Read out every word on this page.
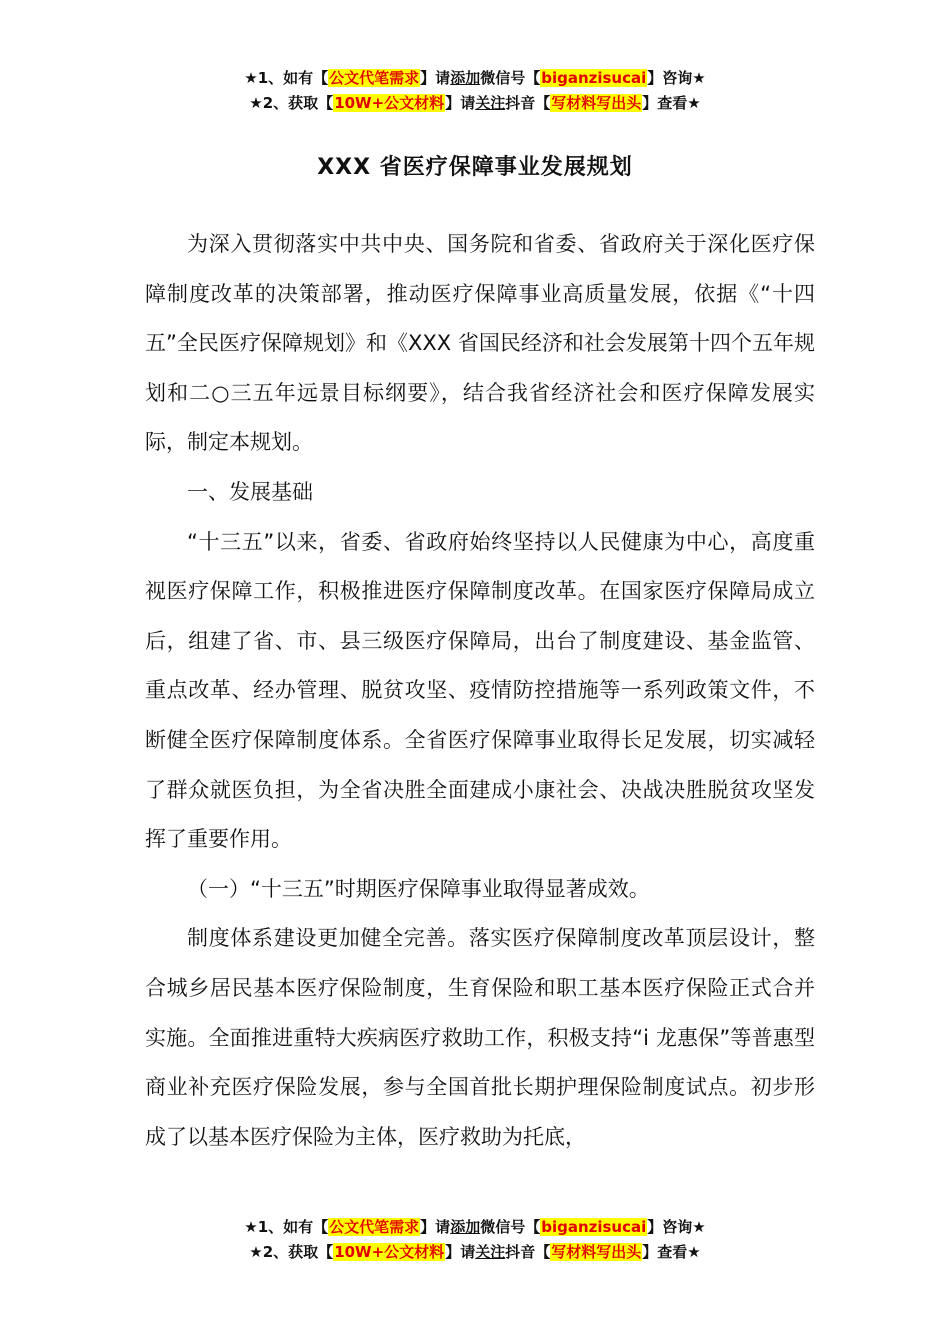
★1、如有【公文代笔需求】请添加微信号【biganzisucai】咨询★
★2、获取【10W+公文材料】请关注抖音【写材料写出头】查看★
XXX 省医疗保障事业发展规划

为深入贯彻落实中共中央、国务院和省委、省政府关于深化医疗保障制度改革的决策部署，推动医疗保障事业高质量发展，依据《“十四五”全民医疗保障规划》和《XXX 省国民经济和社会发展第十四个五年规划和二○三五年远景目标纲要》，结合我省经济社会和医疗保障发展实际，制定本规划。

一、发展基础

“十三五”以来，省委、省政府始终坚持以人民健康为中心，高度重视医疗保障工作，积极推进医疗保障制度改革。在国家医疗保障局成立后，组建了省、市、县三级医疗保障局，出台了制度建设、基金监管、重点改革、经办管理、脱贫攻坚、疫情防控措施等一系列政策文件，不断健全医疗保障制度体系。全省医疗保障事业取得长足发展，切实减轻了群众就医负担，为全省决胜全面建成小康社会、决战决胜脱贫攻坚发挥了重要作用。

（一）“十三五”时期医疗保障事业取得显著成效。

制度体系建设更加健全完善。落实医疗保障制度改革顶层设计，整合城乡居民基本医疗保险制度，生育保险和职工基本医疗保险正式合并实施。全面推进重特大疾病医疗救助工作，积极支持“i 龙惠保”等普惠型商业补充医疗保险发展，参与全国首批长期护理保险制度试点。初步形成了以基本医疗保险为主体，医疗救助为托底，

★1、如有【公文代笔需求】请添加微信号【biganzisucai】咨询★
★2、获取【10W+公文材料】请关注抖音【写材料写出头】查看★
